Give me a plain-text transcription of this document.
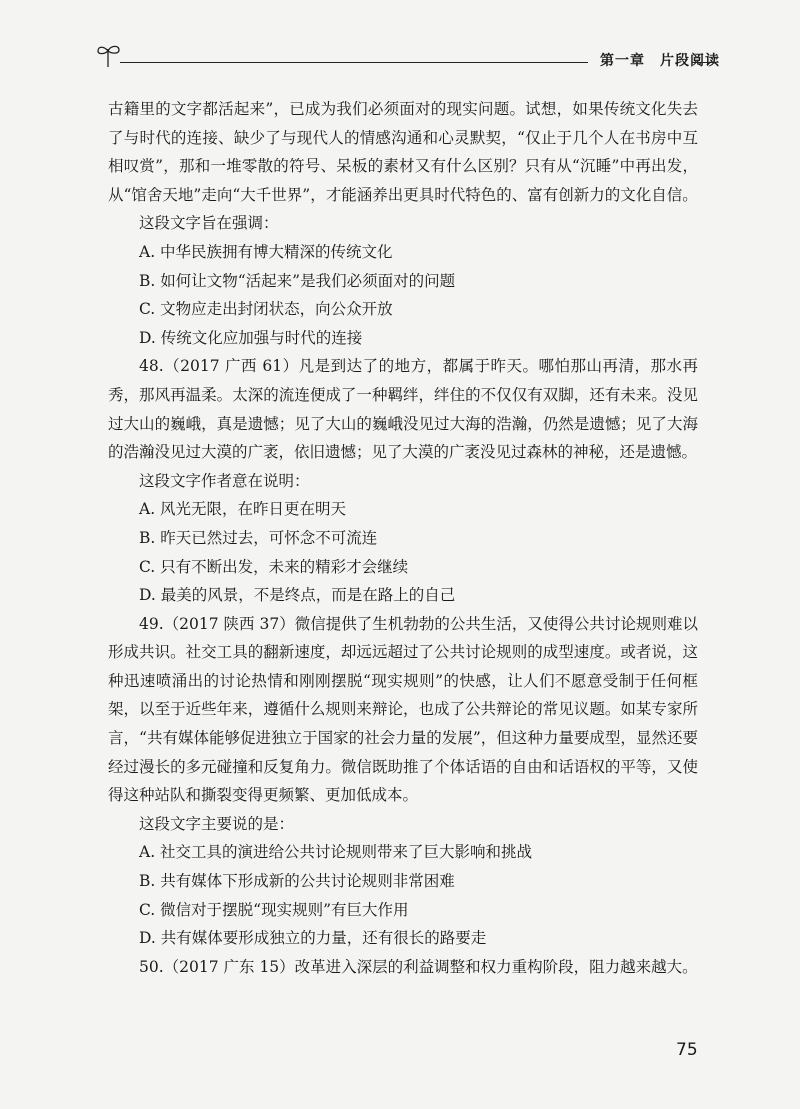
第一章　片段阅读

古籍里的文字都活起来”，已成为我们必须面对的现实问题。试想，如果传统文化失去了与时代的连接、缺少了与现代人的情感沟通和心灵默契，“仅止于几个人在书房中互相叹赏”，那和一堆零散的符号、呆板的素材又有什么区别？只有从“沉睡”中再出发，从“馆舍天地”走向“大千世界”，才能涵养出更具时代特色的、富有创新力的文化自信。

这段文字旨在强调：

A. 中华民族拥有博大精深的传统文化

B. 如何让文物“活起来”是我们必须面对的问题

C. 文物应走出封闭状态，向公众开放

D. 传统文化应加强与时代的连接

48.（2017 广西 61）凡是到达了的地方，都属于昨天。哪怕那山再清，那水再秀，那风再温柔。太深的流连便成了一种羁绊，绊住的不仅仅有双脚，还有未来。没见过大山的巍峨，真是遗憾；见了大山的巍峨没见过大海的浩瀚，仍然是遗憾；见了大海的浩瀚没见过大漠的广袤，依旧遗憾；见了大漠的广袤没见过森林的神秘，还是遗憾。

这段文字作者意在说明：

A. 风光无限，在昨日更在明天

B. 昨天已然过去，可怀念不可流连

C. 只有不断出发，未来的精彩才会继续

D. 最美的风景，不是终点，而是在路上的自己

49.（2017 陕西 37）微信提供了生机勃勃的公共生活，又使得公共讨论规则难以形成共识。社交工具的翻新速度，却远远超过了公共讨论规则的成型速度。或者说，这种迅速喷涌出的讨论热情和刚刚摆脱“现实规则”的快感，让人们不愿意受制于任何框架，以至于近些年来，遵循什么规则来辩论，也成了公共辩论的常见议题。如某专家所言，“共有媒体能够促进独立于国家的社会力量的发展”，但这种力量要成型，显然还要经过漫长的多元碰撞和反复角力。微信既助推了个体话语的自由和话语权的平等，又使得这种站队和撕裂变得更频繁、更加低成本。

这段文字主要说的是：

A. 社交工具的演进给公共讨论规则带来了巨大影响和挑战

B. 共有媒体下形成新的公共讨论规则非常困难

C. 微信对于摆脱“现实规则”有巨大作用

D. 共有媒体要形成独立的力量，还有很长的路要走

50.（2017 广东 15）改革进入深层的利益调整和权力重构阶段，阻力越来越大。

75
